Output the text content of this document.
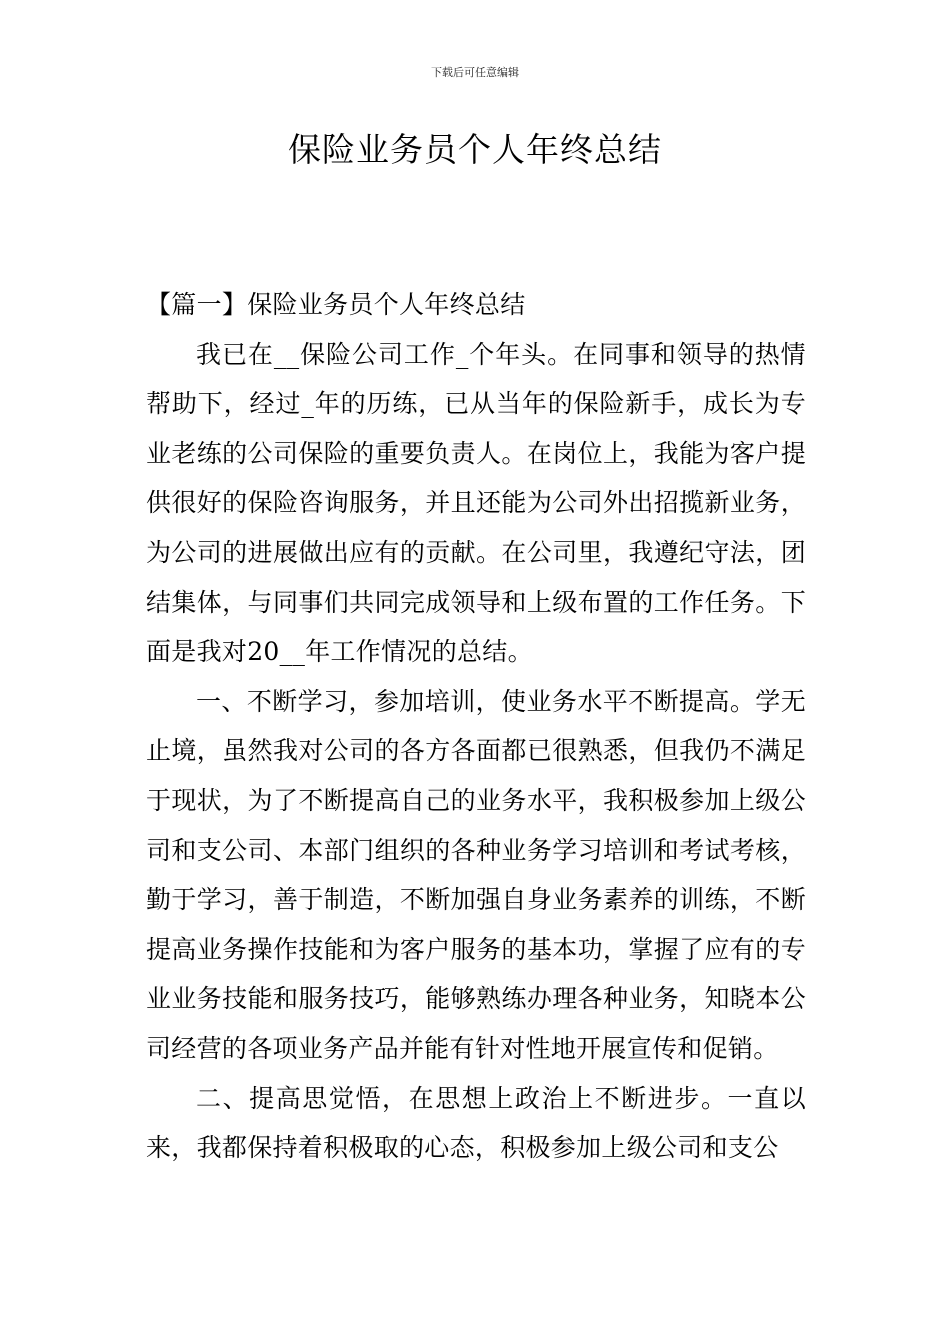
下载后可任意编辑
保险业务员个人年终总结

【篇一】保险业务员个人年终总结

我已在__保险公司工作_个年头。在同事和领导的热情帮助下，经过_年的历练，已从当年的保险新手，成长为专业老练的公司保险的重要负责人。在岗位上，我能为客户提供很好的保险咨询服务，并且还能为公司外出招揽新业务，为公司的进展做出应有的贡献。在公司里，我遵纪守法，团结集体，与同事们共同完成领导和上级布置的工作任务。下面是我对20__年工作情况的总结。

一、不断学习，参加培训，使业务水平不断提高。学无止境，虽然我对公司的各方各面都已很熟悉，但我仍不满足于现状，为了不断提高自己的业务水平，我积极参加上级公司和支公司、本部门组织的各种业务学习培训和考试考核，勤于学习，善于制造，不断加强自身业务素养的训练，不断提高业务操作技能和为客户服务的基本功，掌握了应有的专业业务技能和服务技巧，能够熟练办理各种业务，知晓本公司经营的各项业务产品并能有针对性地开展宣传和促销。

二、提高思觉悟，在思想上政治上不断进步。一直以来，我都保持着积极取的心态，积极参加上级公司和支公
